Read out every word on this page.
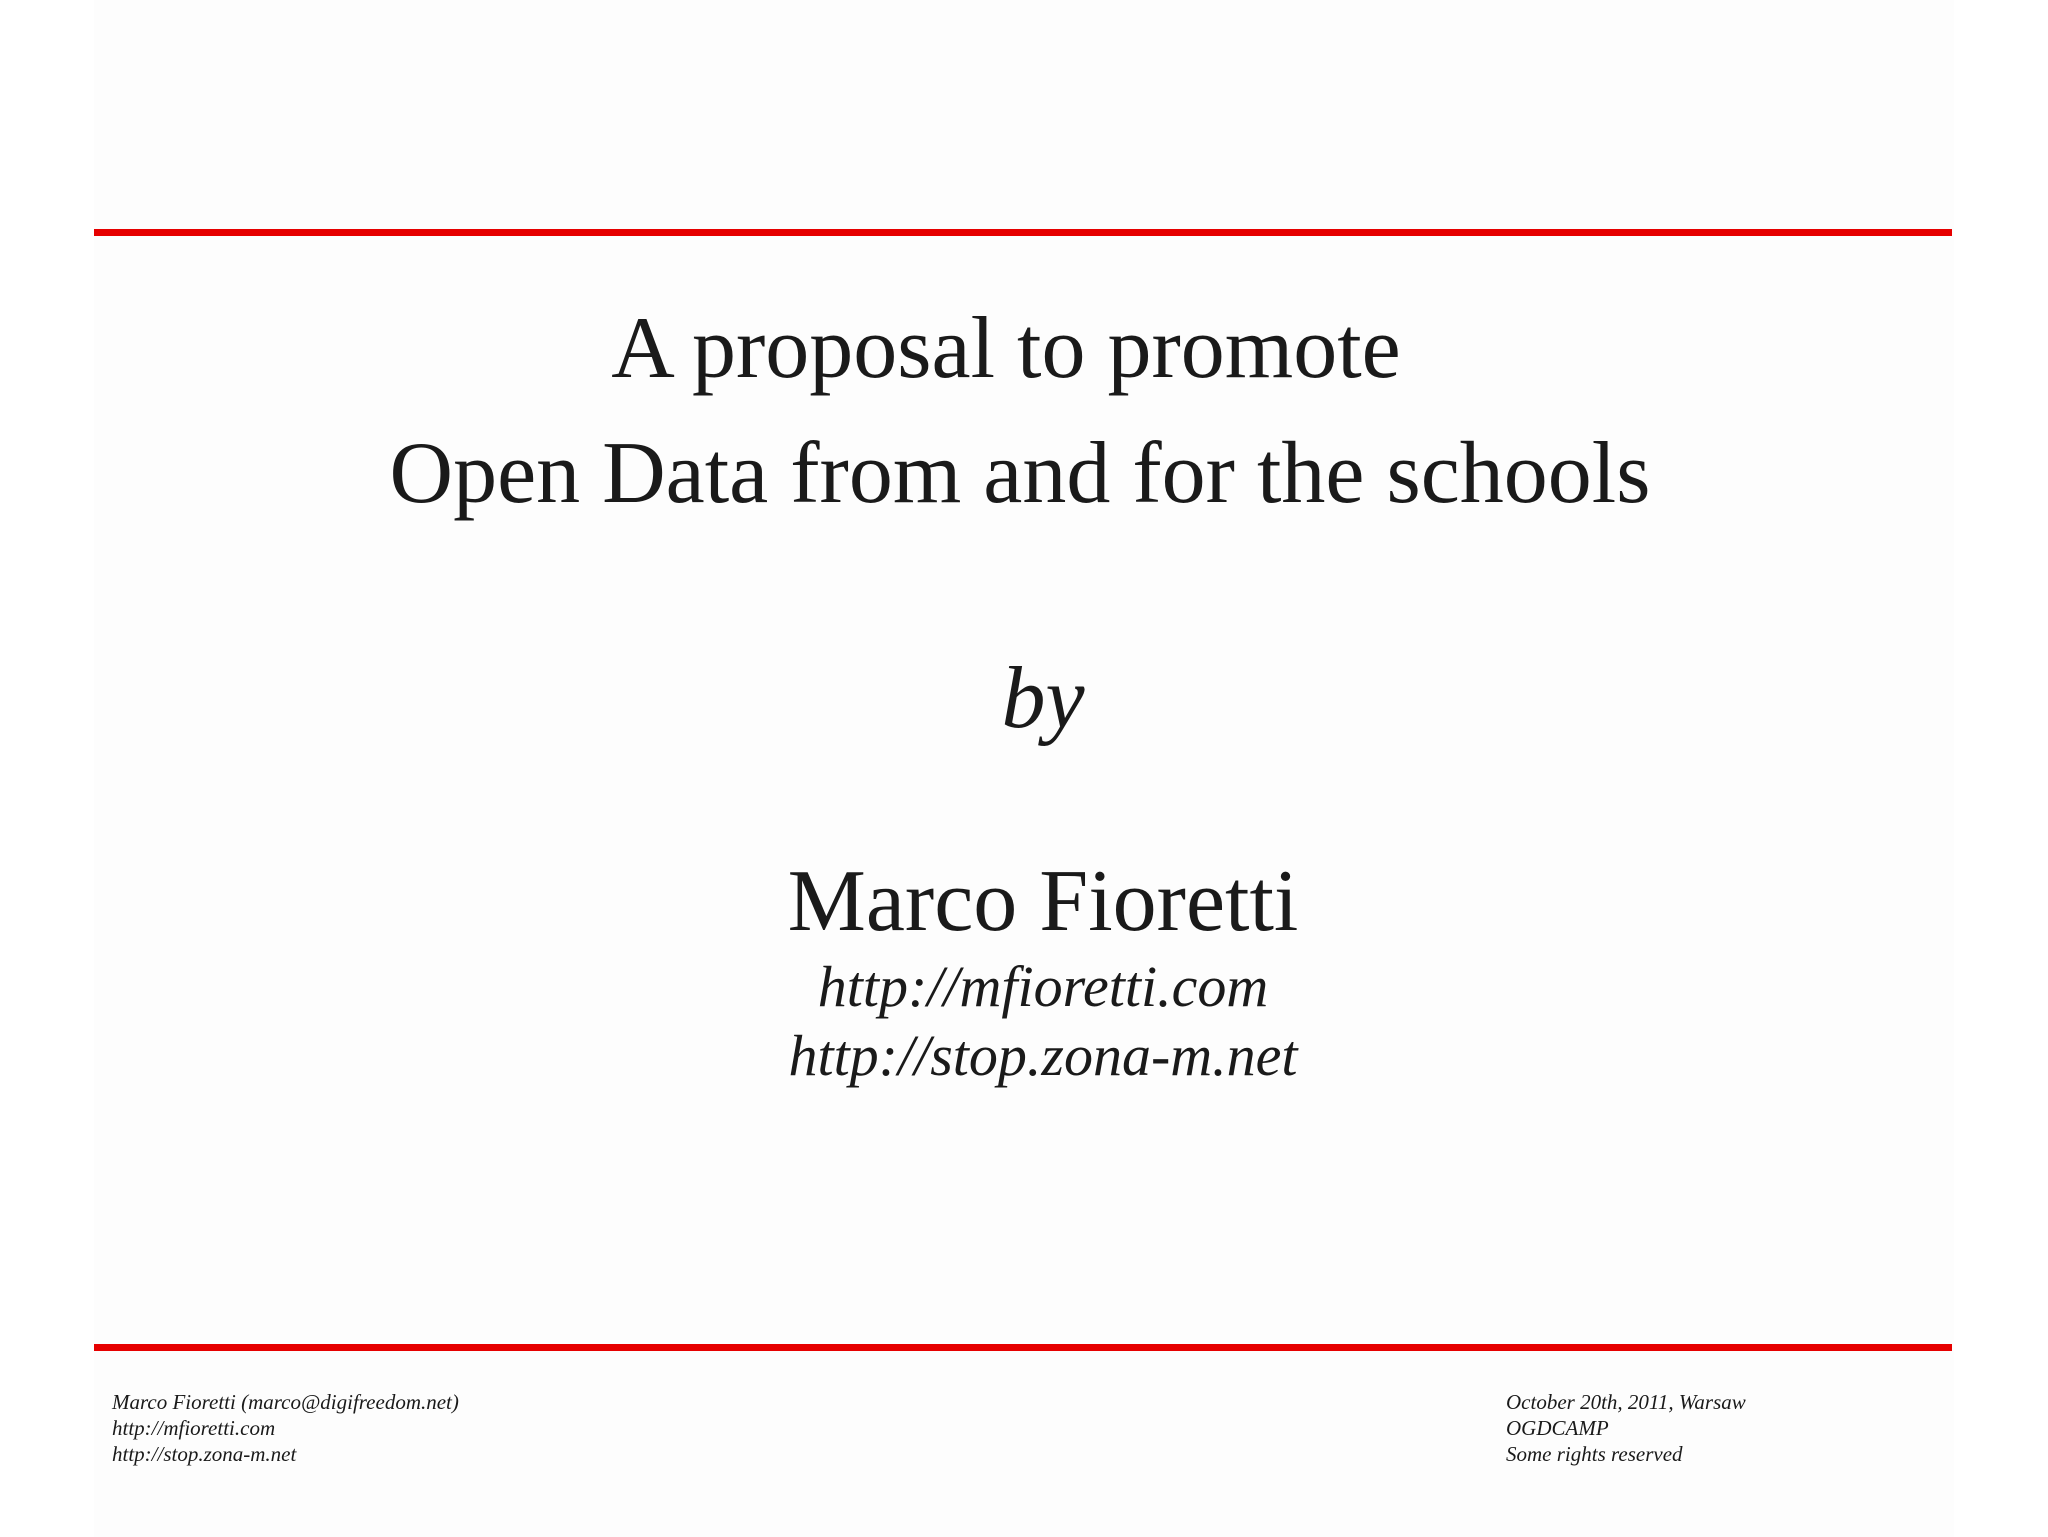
A proposal to promote
Open Data from and for the schools
by
Marco Fioretti
http://mfioretti.com
http://stop.zona-m.net
Marco Fioretti (marco@digifreedom.net)
http://mfioretti.com
http://stop.zona-m.net
October 20th, 2011, Warsaw
OGDCAMP
Some rights reserved
